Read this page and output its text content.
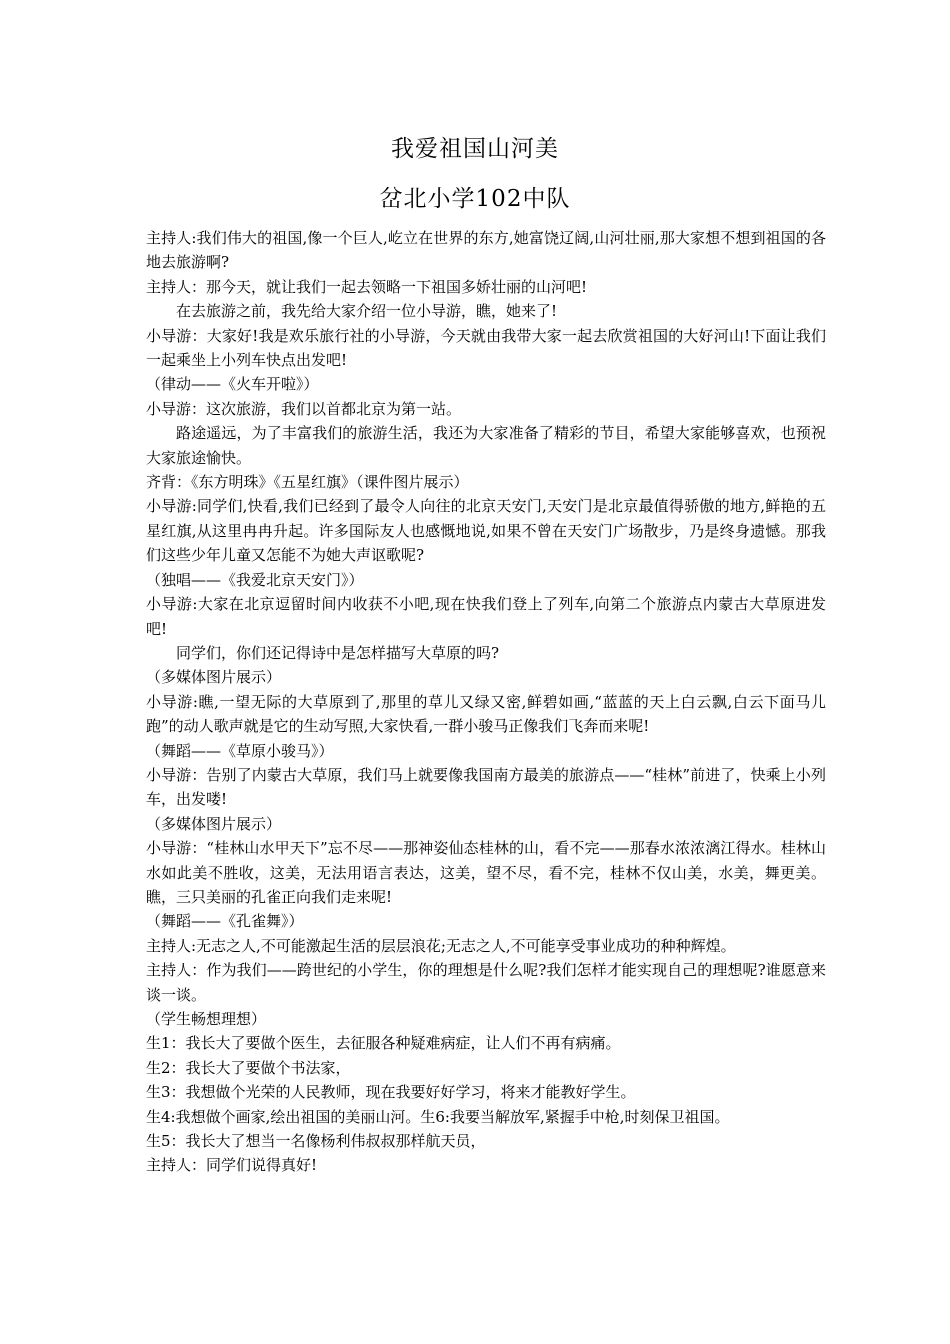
我爱祖国山河美
岔北小学102中队

主持人:我们伟大的祖国,像一个巨人,屹立在世界的东方,她富饶辽阔,山河壮丽,那大家想不想到祖国的各地去旅游啊?

主持人：那今天，就让我们一起去领略一下祖国多娇壮丽的山河吧!

在去旅游之前，我先给大家介绍一位小导游，瞧，她来了!

小导游：大家好!我是欢乐旅行社的小导游，今天就由我带大家一起去欣赏祖国的大好河山!下面让我们一起乘坐上小列车快点出发吧!

（律动——《火车开啦》）

小导游：这次旅游，我们以首都北京为第一站。

路途遥远，为了丰富我们的旅游生活，我还为大家准备了精彩的节目，希望大家能够喜欢，也预祝大家旅途愉快。

齐背：《东方明珠》《五星红旗》（课件图片展示）

小导游:同学们,快看,我们已经到了最令人向往的北京天安门,天安门是北京最值得骄傲的地方,鲜艳的五星红旗,从这里冉冉升起。许多国际友人也感慨地说,如果不曾在天安门广场散步，乃是终身遗憾。那我们这些少年儿童又怎能不为她大声讴歌呢?

（独唱——《我爱北京天安门》）

小导游:大家在北京逗留时间内收获不小吧,现在快我们登上了列车,向第二个旅游点内蒙古大草原进发吧!

同学们，你们还记得诗中是怎样描写大草原的吗?

（多媒体图片展示）

小导游:瞧,一望无际的大草原到了,那里的草儿又绿又密,鲜碧如画,“蓝蓝的天上白云飘,白云下面马儿跑”的动人歌声就是它的生动写照,大家快看,一群小骏马正像我们飞奔而来呢!

（舞蹈——《草原小骏马》）

小导游：告别了内蒙古大草原，我们马上就要像我国南方最美的旅游点——“桂林”前进了，快乘上小列车，出发喽!

（多媒体图片展示）

小导游：“桂林山水甲天下”忘不尽——那神姿仙态桂林的山，看不完——那春水浓浓漓江得水。桂林山水如此美不胜收，这美，无法用语言表达，这美，望不尽，看不完，桂林不仅山美，水美，舞更美。瞧，三只美丽的孔雀正向我们走来呢!

（舞蹈——《孔雀舞》）

主持人:无志之人,不可能激起生活的层层浪花;无志之人,不可能享受事业成功的种种辉煌。

主持人：作为我们——跨世纪的小学生，你的理想是什么呢?我们怎样才能实现自己的理想呢?谁愿意来谈一谈。

（学生畅想理想）

生1：我长大了要做个医生，去征服各种疑难病症，让人们不再有病痛。

生2：我长大了要做个书法家，

生3：我想做个光荣的人民教师，现在我要好好学习，将来才能教好学生。

生4:我想做个画家,绘出祖国的美丽山河。生6:我要当解放军,紧握手中枪,时刻保卫祖国。

生5：我长大了想当一名像杨利伟叔叔那样航天员，

主持人：同学们说得真好!
